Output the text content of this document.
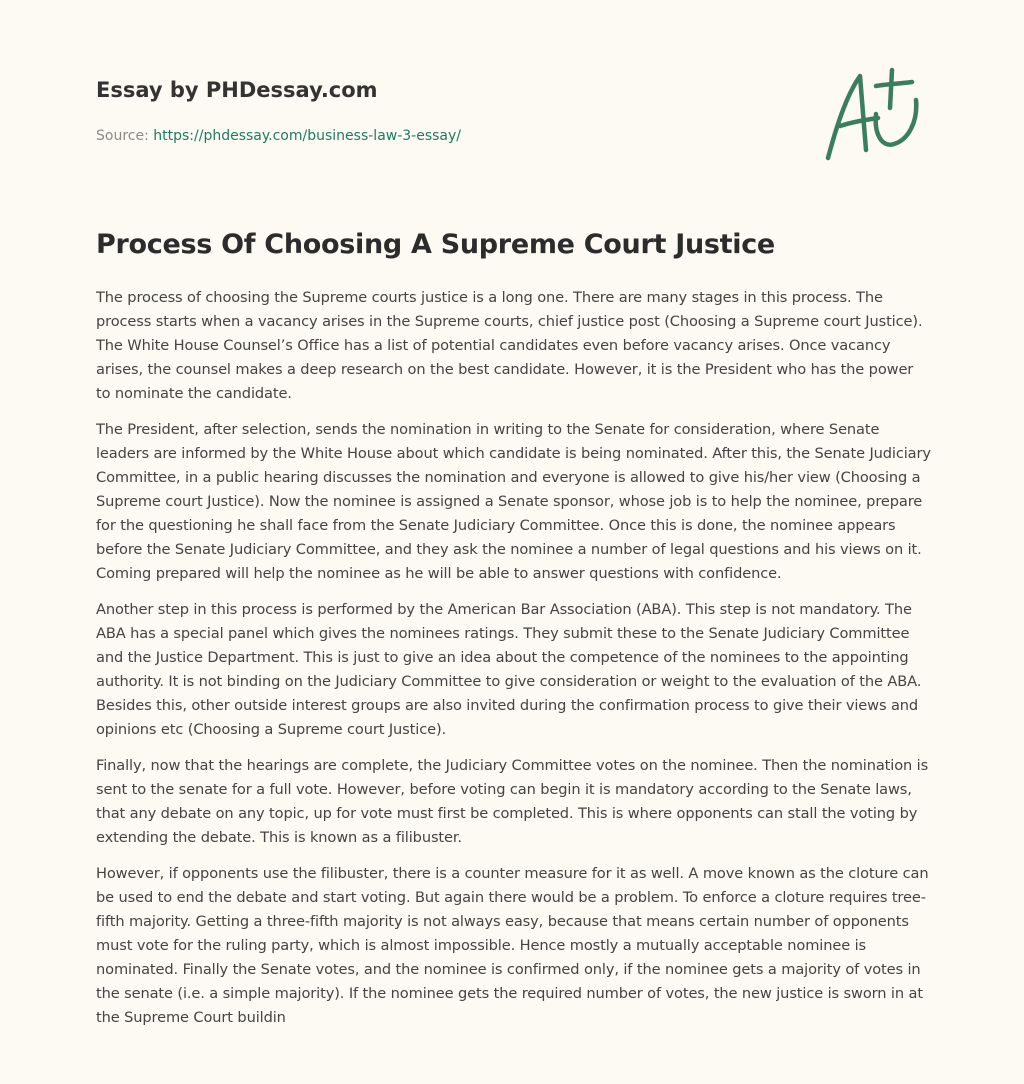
Essay by PHDessay.com
Source: https://phdessay.com/business-law-3-essay/
Process Of Choosing A Supreme Court Justice

The process of choosing the Supreme courts justice is a long one. There are many stages in this process. The process starts when a vacancy arises in the Supreme courts, chief justice post (Choosing a Supreme court Justice). The White House Counsel’s Office has a list of potential candidates even before vacancy arises. Once vacancy arises, the counsel makes a deep research on the best candidate. However, it is the President who has the power to nominate the candidate.

The President, after selection, sends the nomination in writing to the Senate for consideration, where Senate leaders are informed by the White House about which candidate is being nominated. After this, the Senate Judiciary Committee, in a public hearing discusses the nomination and everyone is allowed to give his/her view (Choosing a Supreme court Justice). Now the nominee is assigned a Senate sponsor, whose job is to help the nominee, prepare for the questioning he shall face from the Senate Judiciary Committee. Once this is done, the nominee appears before the Senate Judiciary Committee, and they ask the nominee a number of legal questions and his views on it. Coming prepared will help the nominee as he will be able to answer questions with confidence.

Another step in this process is performed by the American Bar Association (ABA). This step is not mandatory. The ABA has a special panel which gives the nominees ratings. They submit these to the Senate Judiciary Committee and the Justice Department. This is just to give an idea about the competence of the nominees to the appointing authority. It is not binding on the Judiciary Committee to give consideration or weight to the evaluation of the ABA. Besides this, other outside interest groups are also invited during the confirmation process to give their views and opinions etc (Choosing a Supreme court Justice).

Finally, now that the hearings are complete, the Judiciary Committee votes on the nominee. Then the nomination is sent to the senate for a full vote. However, before voting can begin it is mandatory according to the Senate laws, that any debate on any topic, up for vote must first be completed. This is where opponents can stall the voting by extending the debate. This is known as a filibuster.

However, if opponents use the filibuster, there is a counter measure for it as well. A move known as the cloture can be used to end the debate and start voting. But again there would be a problem. To enforce a cloture requires tree-fifth majority. Getting a three-fifth majority is not always easy, because that means certain number of opponents must vote for the ruling party, which is almost impossible. Hence mostly a mutually acceptable nominee is nominated. Finally the Senate votes, and the nominee is confirmed only, if the nominee gets a majority of votes in the senate (i.e. a simple majority). If the nominee gets the required number of votes, the new justice is sworn in at the Supreme Court buildin
